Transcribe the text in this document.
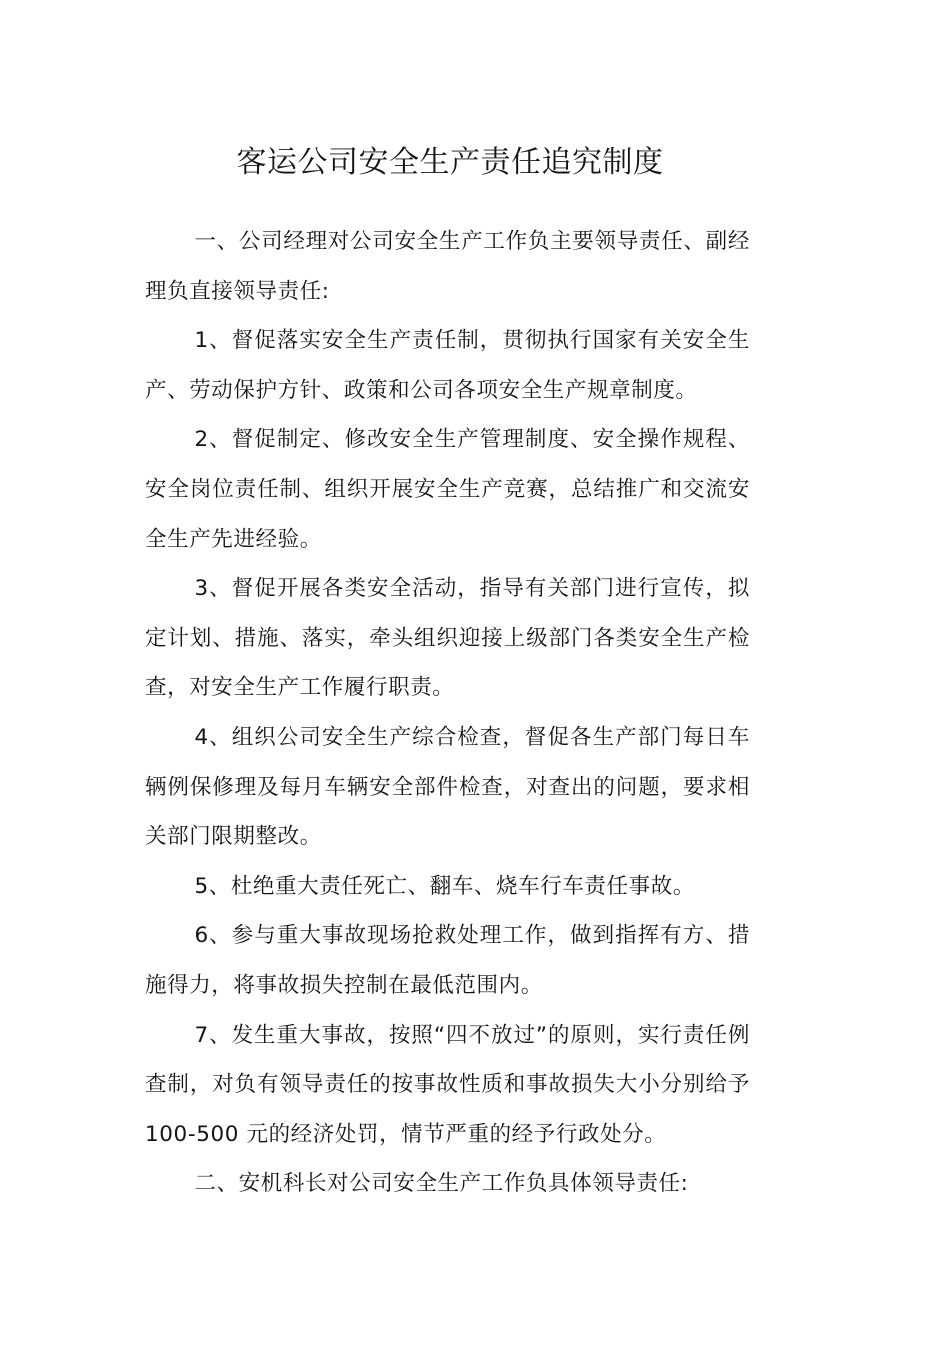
客运公司安全生产责任追究制度

一、公司经理对公司安全生产工作负主要领导责任、副经理负直接领导责任:

1、督促落实安全生产责任制，贯彻执行国家有关安全生产、劳动保护方针、政策和公司各项安全生产规章制度。

2、督促制定、修改安全生产管理制度、安全操作规程、安全岗位责任制、组织开展安全生产竞赛，总结推广和交流安全生产先进经验。

3、督促开展各类安全活动，指导有关部门进行宣传，拟定计划、措施、落实，牵头组织迎接上级部门各类安全生产检查，对安全生产工作履行职责。

4、组织公司安全生产综合检查，督促各生产部门每日车辆例保修理及每月车辆安全部件检查，对查出的问题，要求相关部门限期整改。

5、杜绝重大责任死亡、翻车、烧车行车责任事故。

6、参与重大事故现场抢救处理工作，做到指挥有方、措施得力，将事故损失控制在最低范围内。

7、发生重大事故，按照“四不放过”的原则，实行责任例查制，对负有领导责任的按事故性质和事故损失大小分别给予 100-500 元的经济处罚，情节严重的经予行政处分。

二、安机科长对公司安全生产工作负具体领导责任:
